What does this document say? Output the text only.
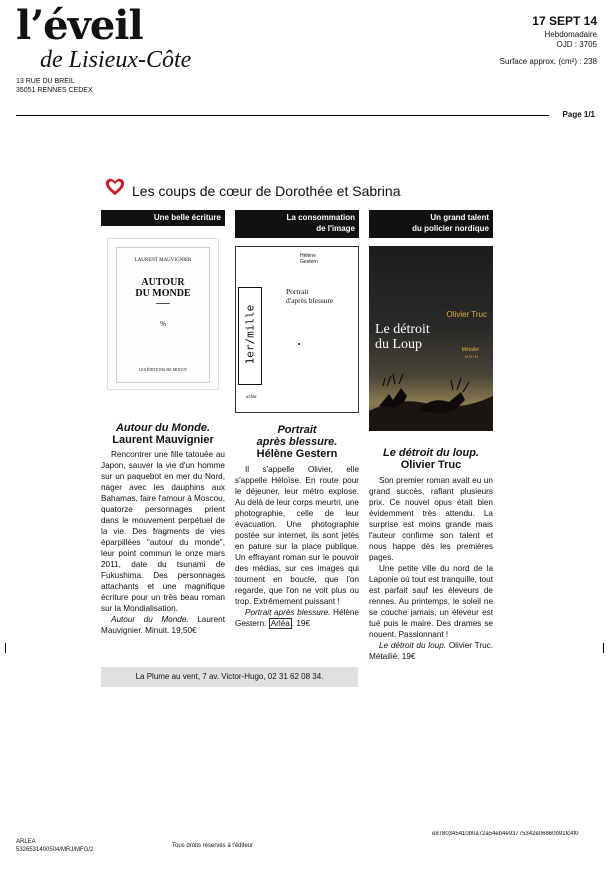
l’éveil
de Lisieux-Côte
13 RUE DU BREIL
35051 RENNES CEDEX
17 SEPT 14
Hebdomadaire
OJD : 3705
Surface approx. (cm²) : 238
Page 1/1
Les coups de cœur de Dorothée et Sabrina
Une belle écriture
LAURENT MAUVIGNIER
AUTOUR
DU MONDE
%
LES ÉDITIONS DE MINUIT
Autour du Monde.
Laurent Mauvignier

Rencontrer une fille tatouée au Japon, sauver la vie d'un homme sur un paquebot en mer du Nord, nager avec les dauphins aux Bahamas, faire l'amour à Moscou, quatorze personnages prient dans le mouvement perpétuel de la vie. Des fragments de vies éparpillées "autour du monde", leur point commun le onze mars 2011, date du tsunami de Fukushima. Des personnages attachants et une magnifique écriture pour un très beau roman sur la Mondialisation.

Autour du Monde. Laurent Mauvignier. Minuit. 19,50€

La consommation
de l'image
Hélène
Gestern
Portrait
d'après blessure
1er/mille
arléa
Portrait
après blessure.
Hélène Gestern

Il s'appelle Olivier, elle s'appelle Héloïse. En route pour le déjeuner, leur métro explose. Au delà de leur corps meurtri, une photographie, celle de leur évacuation. Une photographie postée sur internet, ils sont jetés en pature sur la place publique. Un effrayant roman sur le pouvoir des médias, sur ces images qui tournent en boucle, que l'on regarde, que l'on ne voit plus ou trop. Extrêmement puissant !

Portrait après blessure. Hélène Gestern. Arléa . 19€

Un grand talent
du policier nordique
Olivier Truc
Le détroit
du Loup	Métailié
NOIR
Le détroit du loup.
Olivier Truc

Son premier roman avait eu un grand succès, raflant plusieurs prix. Ce nouvel opus était bien évidemment très attendu. La surprise est moins grande mais l'auteur confirme son talent et nous happe dès les premières pages.

Une petite ville du nord de la Laponie où tout est tranquille, tout est parfait sauf les éleveurs de rennes. Au printemps, le soleil ne se couche jamais, un éleveur est tué puis le maire. Des drames se nouent. Passionnant !

Le détroit du loup. Olivier Truc. Métailié. 19€

La Plume au vent, 7 av. Victor-Hugo, 02 31 62 08 34.
ARLEA
5326531400504/MRJ/MFG/2
Tous droits réservés à l'éditeur
e8780345410b0a72a54eb4e93775342e06860b91fc4f0
